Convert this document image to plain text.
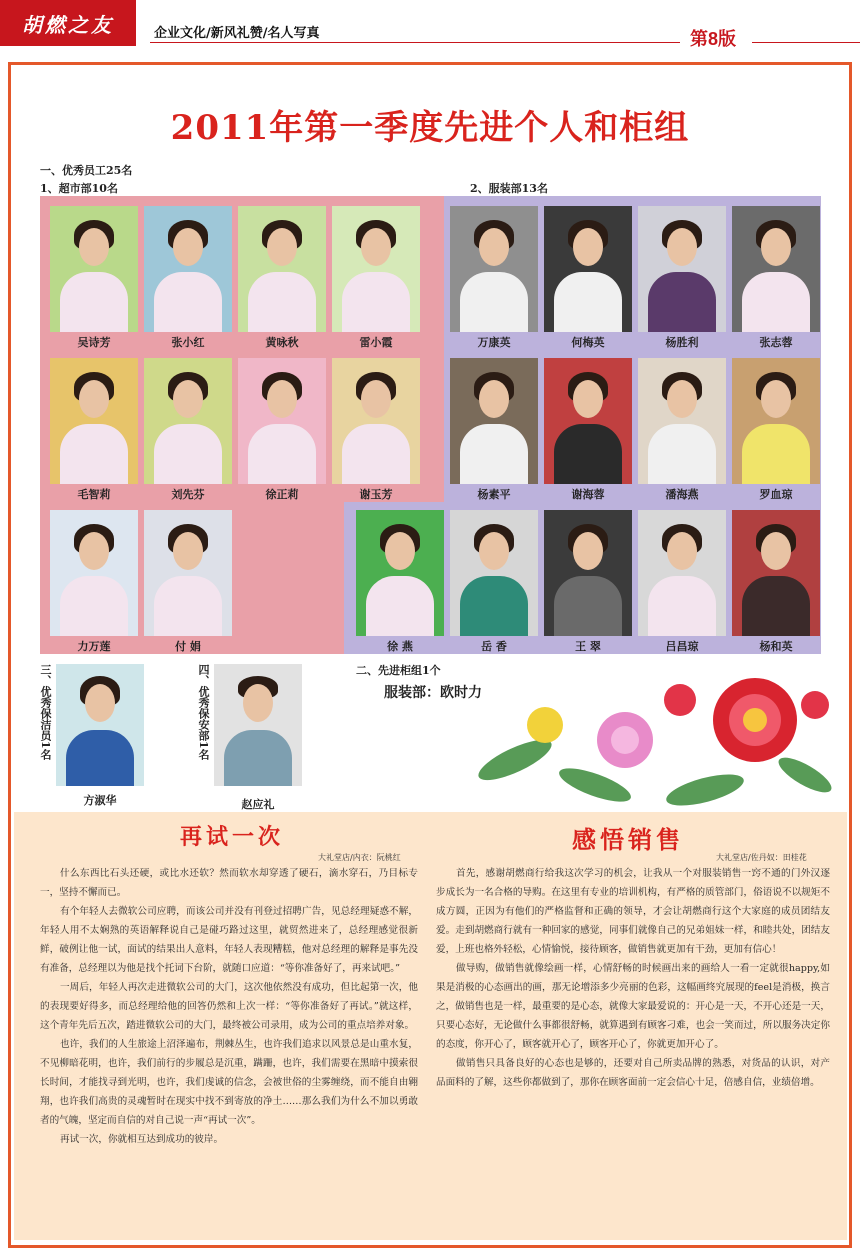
胡燃之友	企业文化/新风礼赞/名人写真	第8版
2011年第一季度先进个人和柜组
一、优秀员工25名
1、超市部10名	2、服装部13名
吴诗芳	张小红	黄咏秋	雷小霞
毛智莉	刘先芬	徐正莉	谢玉芳
力万莲	付 娟
万康英	何梅英	杨胜利	张志蓉
杨素平	谢海蓉	潘海燕	罗血琼
徐 燕	岳 香	王 翠	吕昌琼	杨和英
二、先进柜组1个
服装部：欧时力
三、优秀保洁员1名	四、优秀保安部1名
方淑华	赵应礼
再试一次
大礼堂店/内衣：阮桃红

什么东西比石头还硬，或比水还软？然而软水却穿透了硬石，滴水穿石，乃目标专一，坚持不懈而已。

有个年轻人去微软公司应聘，而该公司并没有刊登过招聘广告，见总经理疑惑不解，年轻人用不太娴熟的英语解释说自己是碰巧路过这里，就贸然进来了，总经理感觉很新鲜，破例让他一试，面试的结果出人意料，年轻人表现糟糕，他对总经理的解释是事先没有准备，总经理以为他是找个托词下台阶，就随口应道：“等你准备好了，再来试吧。”

一周后，年轻人再次走进微软公司的大门，这次他依然没有成功，但比起第一次，他的表现要好得多，而总经理给他的回答仍然和上次一样：“等你准备好了再试。”就这样，这个青年先后五次，踏进微软公司的大门，最终被公司录用，成为公司的重点培养对象。

也许，我们的人生旅途上沼泽遍布，荆棘丛生，也许我们追求以风景总是山重水复，不见柳暗花明，也许，我们前行的步履总是沉重，蹒跚，也许，我们需要在黑暗中摸索很长时间，才能找寻到光明，也许，我们虔诚的信念，会被世俗的尘雾缠绕，而不能自由翱翔，也许我们高贵的灵魂暂时在现实中找不到寄放的净土……那么我们为什么不加以勇敢者的气魄，坚定而自信的对自己说一声“再试一次”。

再试一次，你就相互达到成功的彼岸。

感悟销售
大礼堂店/佐丹奴：田桂花

首先，感谢胡燃商行给我这次学习的机会，让我从一个对服装销售一窍不通的门外汉逐步成长为一名合格的导购。在这里有专业的培训机构，有严格的质管部门，俗语说不以规矩不成方圆，正因为有他们的严格监督和正确的领导，才会让胡燃商行这个大家庭的成员团结友爱。走到胡燃商行就有一种回家的感觉，同事们就像自己的兄弟姐妹一样，和睦共处，团结友爱，上班也格外轻松，心情愉悦，接待顾客，做销售就更加有干劲，更加有信心！

做导购，做销售就像绘画一样，心情舒畅的时候画出来的画给人一看一定就很happy,如果是消极的心态画出的画，那无论增添多少亮丽的色彩，这幅画终究展现的feel是消极，换言之，做销售也是一样，最重要的是心态，就像大家最爱说的：开心是一天，不开心还是一天，只要心态好，无论做什么事都很舒畅，就算遇到有顾客刁难，也会一笑而过，所以服务决定你的态度，你开心了，顾客就开心了，顾客开心了，你就更加开心了。

做销售只具备良好的心态也是够的，还要对自己所卖品牌的熟悉，对货品的认识，对产品面料的了解，这些你都做到了，那你在顾客面前一定会信心十足，倍感自信，业绩倍增。
